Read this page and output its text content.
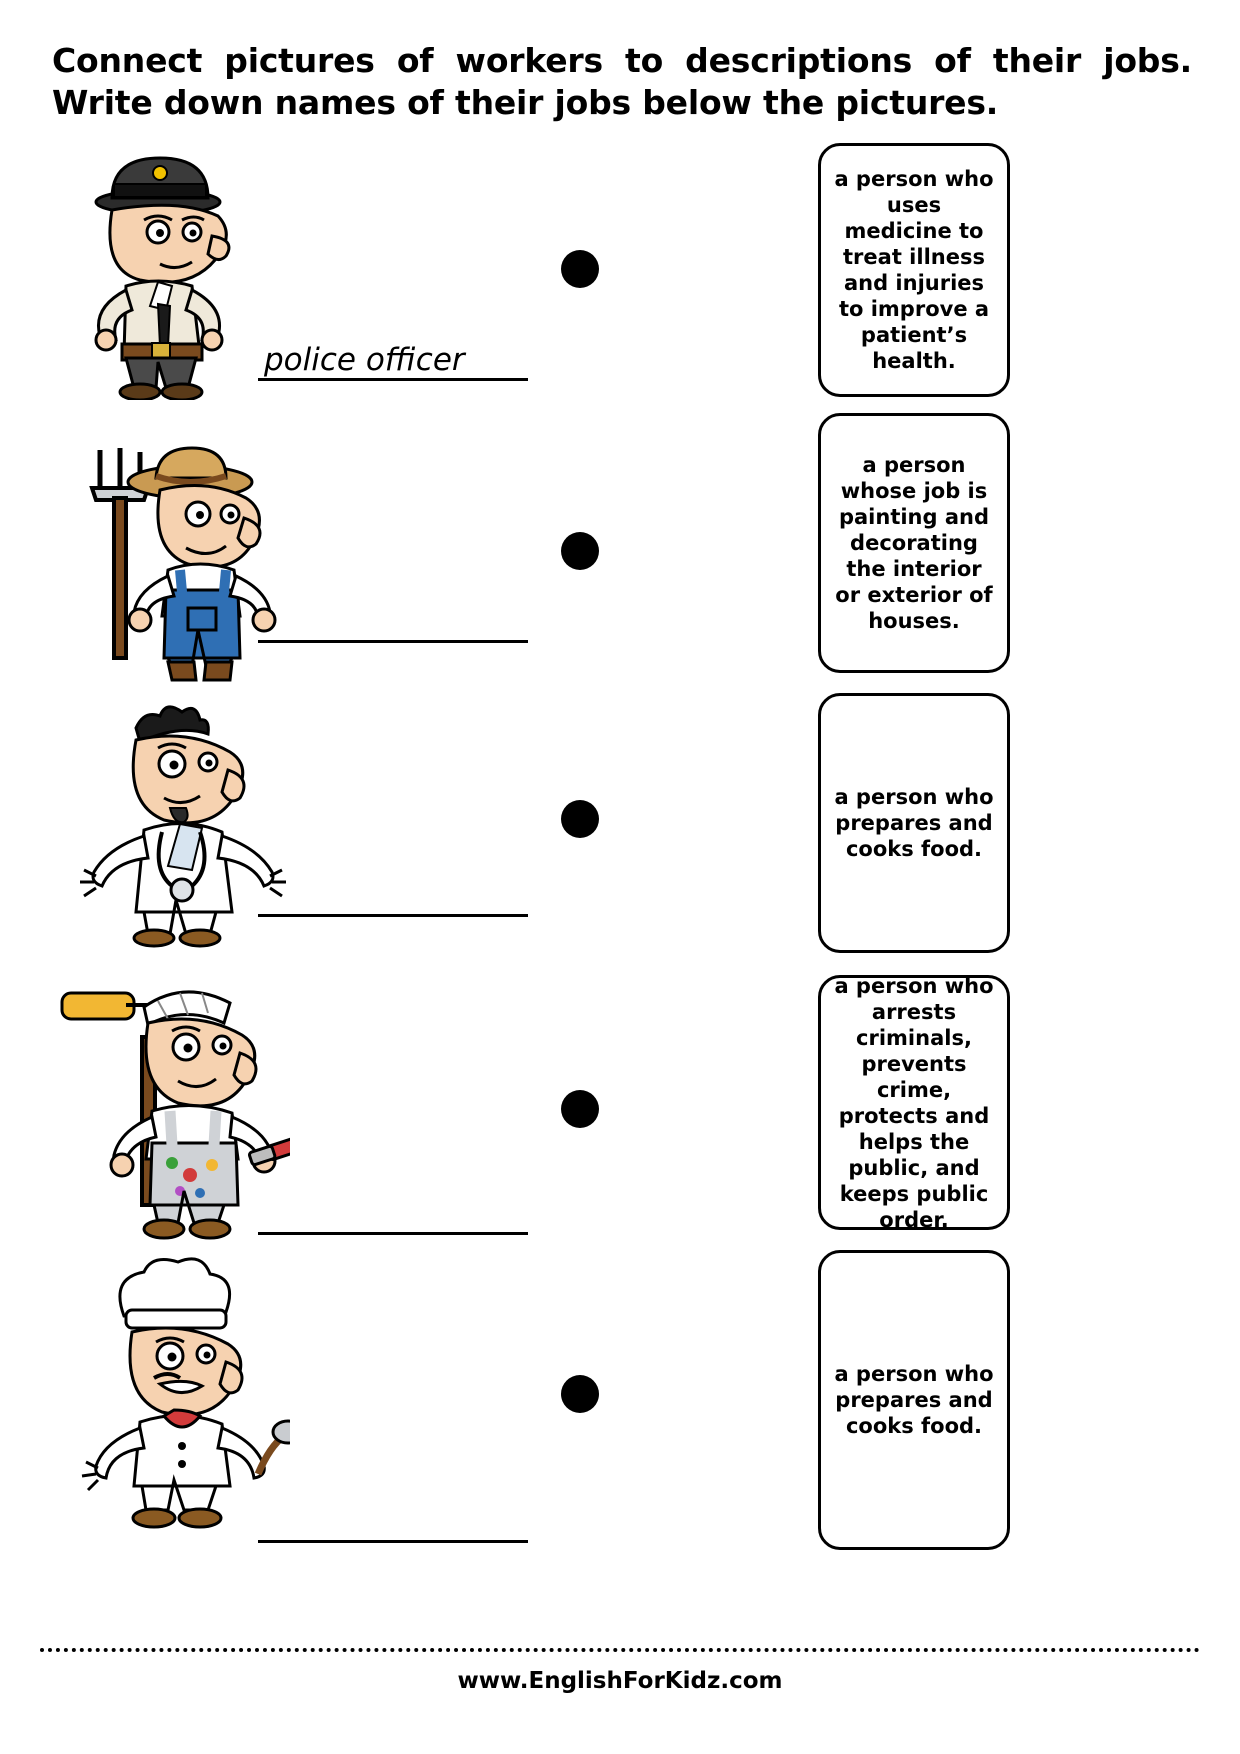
Connect pictures of workers to descriptions of their jobs. Write down names of their jobs below the pictures.
police officer
a person who uses medicine to treat illness and injuries to improve a patient’s health.
a person whose job is painting and decorating the interior or exterior of houses.
a person who prepares and cooks food.
a person who arrests criminals, prevents crime, protects and helps the public, and keeps public order.
a person who prepares and cooks food.
www.EnglishForKidz.com
